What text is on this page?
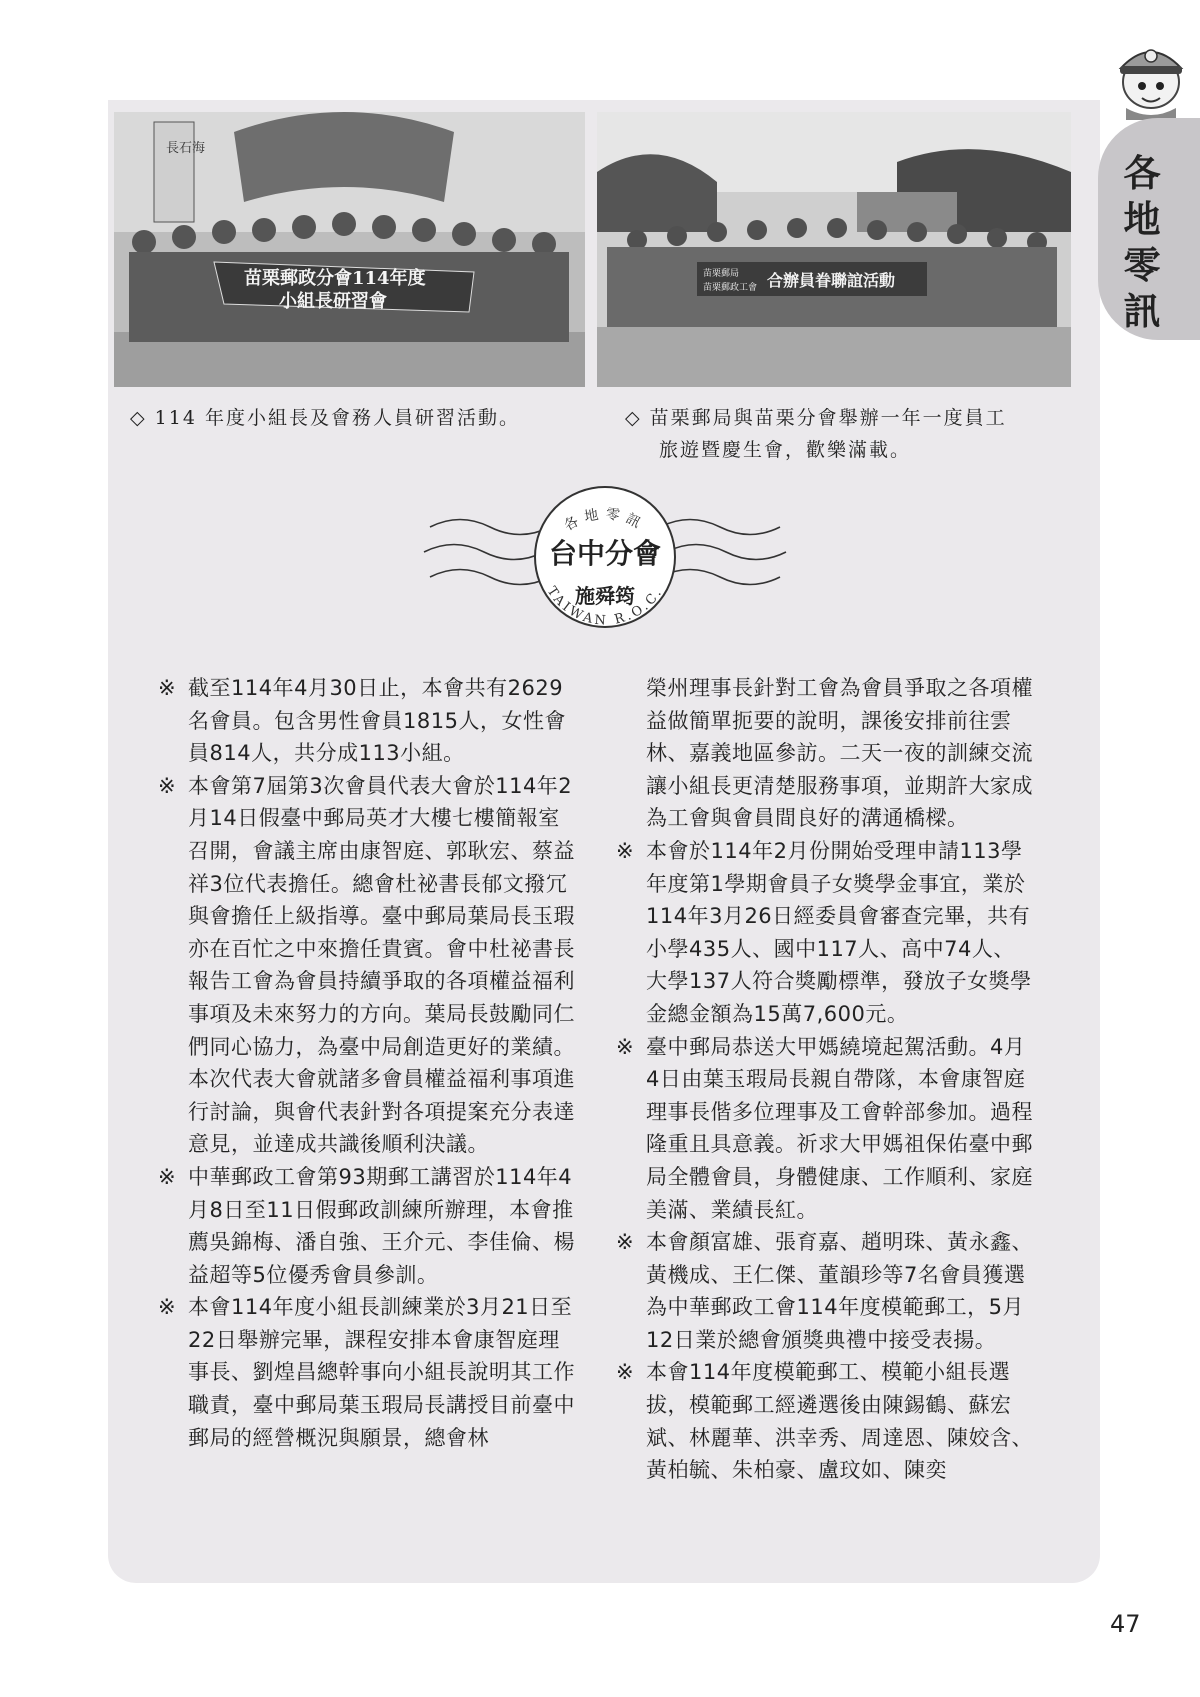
各地零訊
長石海
苗栗郵政分會114年度
小組長研習會
苗栗郵局
苗栗郵政工會 合辦員眷聯誼活動
◇ 114 年度小組長及會務人員研習活動。	◇ 苗栗郵局與苗栗分會舉辦一年一度員工
旅遊暨慶生會，歡樂滿載。
各地零訊
TAIWAN R.O.C.
台中分會
施舜筠

※ 截至114年4月30日止，本會共有2629名會員。包含男性會員1815人，女性會員814人，共分成113小組。

※ 本會第7屆第3次會員代表大會於114年2月14日假臺中郵局英才大樓七樓簡報室召開，會議主席由康智庭、郭耿宏、蔡益祥3位代表擔任。總會杜祕書長郁文撥冗與會擔任上級指導。臺中郵局葉局長玉瑕亦在百忙之中來擔任貴賓。會中杜祕書長報告工會為會員持續爭取的各項權益福利事項及未來努力的方向。葉局長鼓勵同仁們同心協力，為臺中局創造更好的業績。本次代表大會就諸多會員權益福利事項進行討論，與會代表針對各項提案充分表達意見，並達成共識後順利決議。

※ 中華郵政工會第93期郵工講習於114年4月8日至11日假郵政訓練所辦理，本會推薦吳錦梅、潘自強、王介元、李佳倫、楊益超等5位優秀會員參訓。

※ 本會114年度小組長訓練業於3月21日至22日舉辦完畢，課程安排本會康智庭理事長、劉煌昌總幹事向小組長說明其工作職責，臺中郵局葉玉瑕局長講授目前臺中郵局的經營概況與願景，總會林

榮州理事長針對工會為會員爭取之各項權益做簡單扼要的說明，課後安排前往雲林、嘉義地區參訪。二天一夜的訓練交流讓小組長更清楚服務事項，並期許大家成為工會與會員間良好的溝通橋樑。

※ 本會於114年2月份開始受理申請113學年度第1學期會員子女獎學金事宜，業於114年3月26日經委員會審查完畢，共有小學435人、國中117人、高中74人、大學137人符合獎勵標準，發放子女獎學金總金額為15萬7,600元。

※ 臺中郵局恭送大甲媽繞境起駕活動。4月4日由葉玉瑕局長親自帶隊，本會康智庭理事長偕多位理事及工會幹部參加。過程隆重且具意義。祈求大甲媽祖保佑臺中郵局全體會員，身體健康、工作順利、家庭美滿、業績長紅。

※ 本會顏富雄、張育嘉、趙明珠、黃永鑫、黃機成、王仁傑、董韻珍等7名會員獲選為中華郵政工會114年度模範郵工，5月12日業於總會頒獎典禮中接受表揚。

※ 本會114年度模範郵工、模範小組長選拔，模範郵工經遴選後由陳錫鶴、蘇宏斌、林麗華、洪幸秀、周達恩、陳姣含、黃柏毓、朱柏豪、盧玟如、陳奕

47
